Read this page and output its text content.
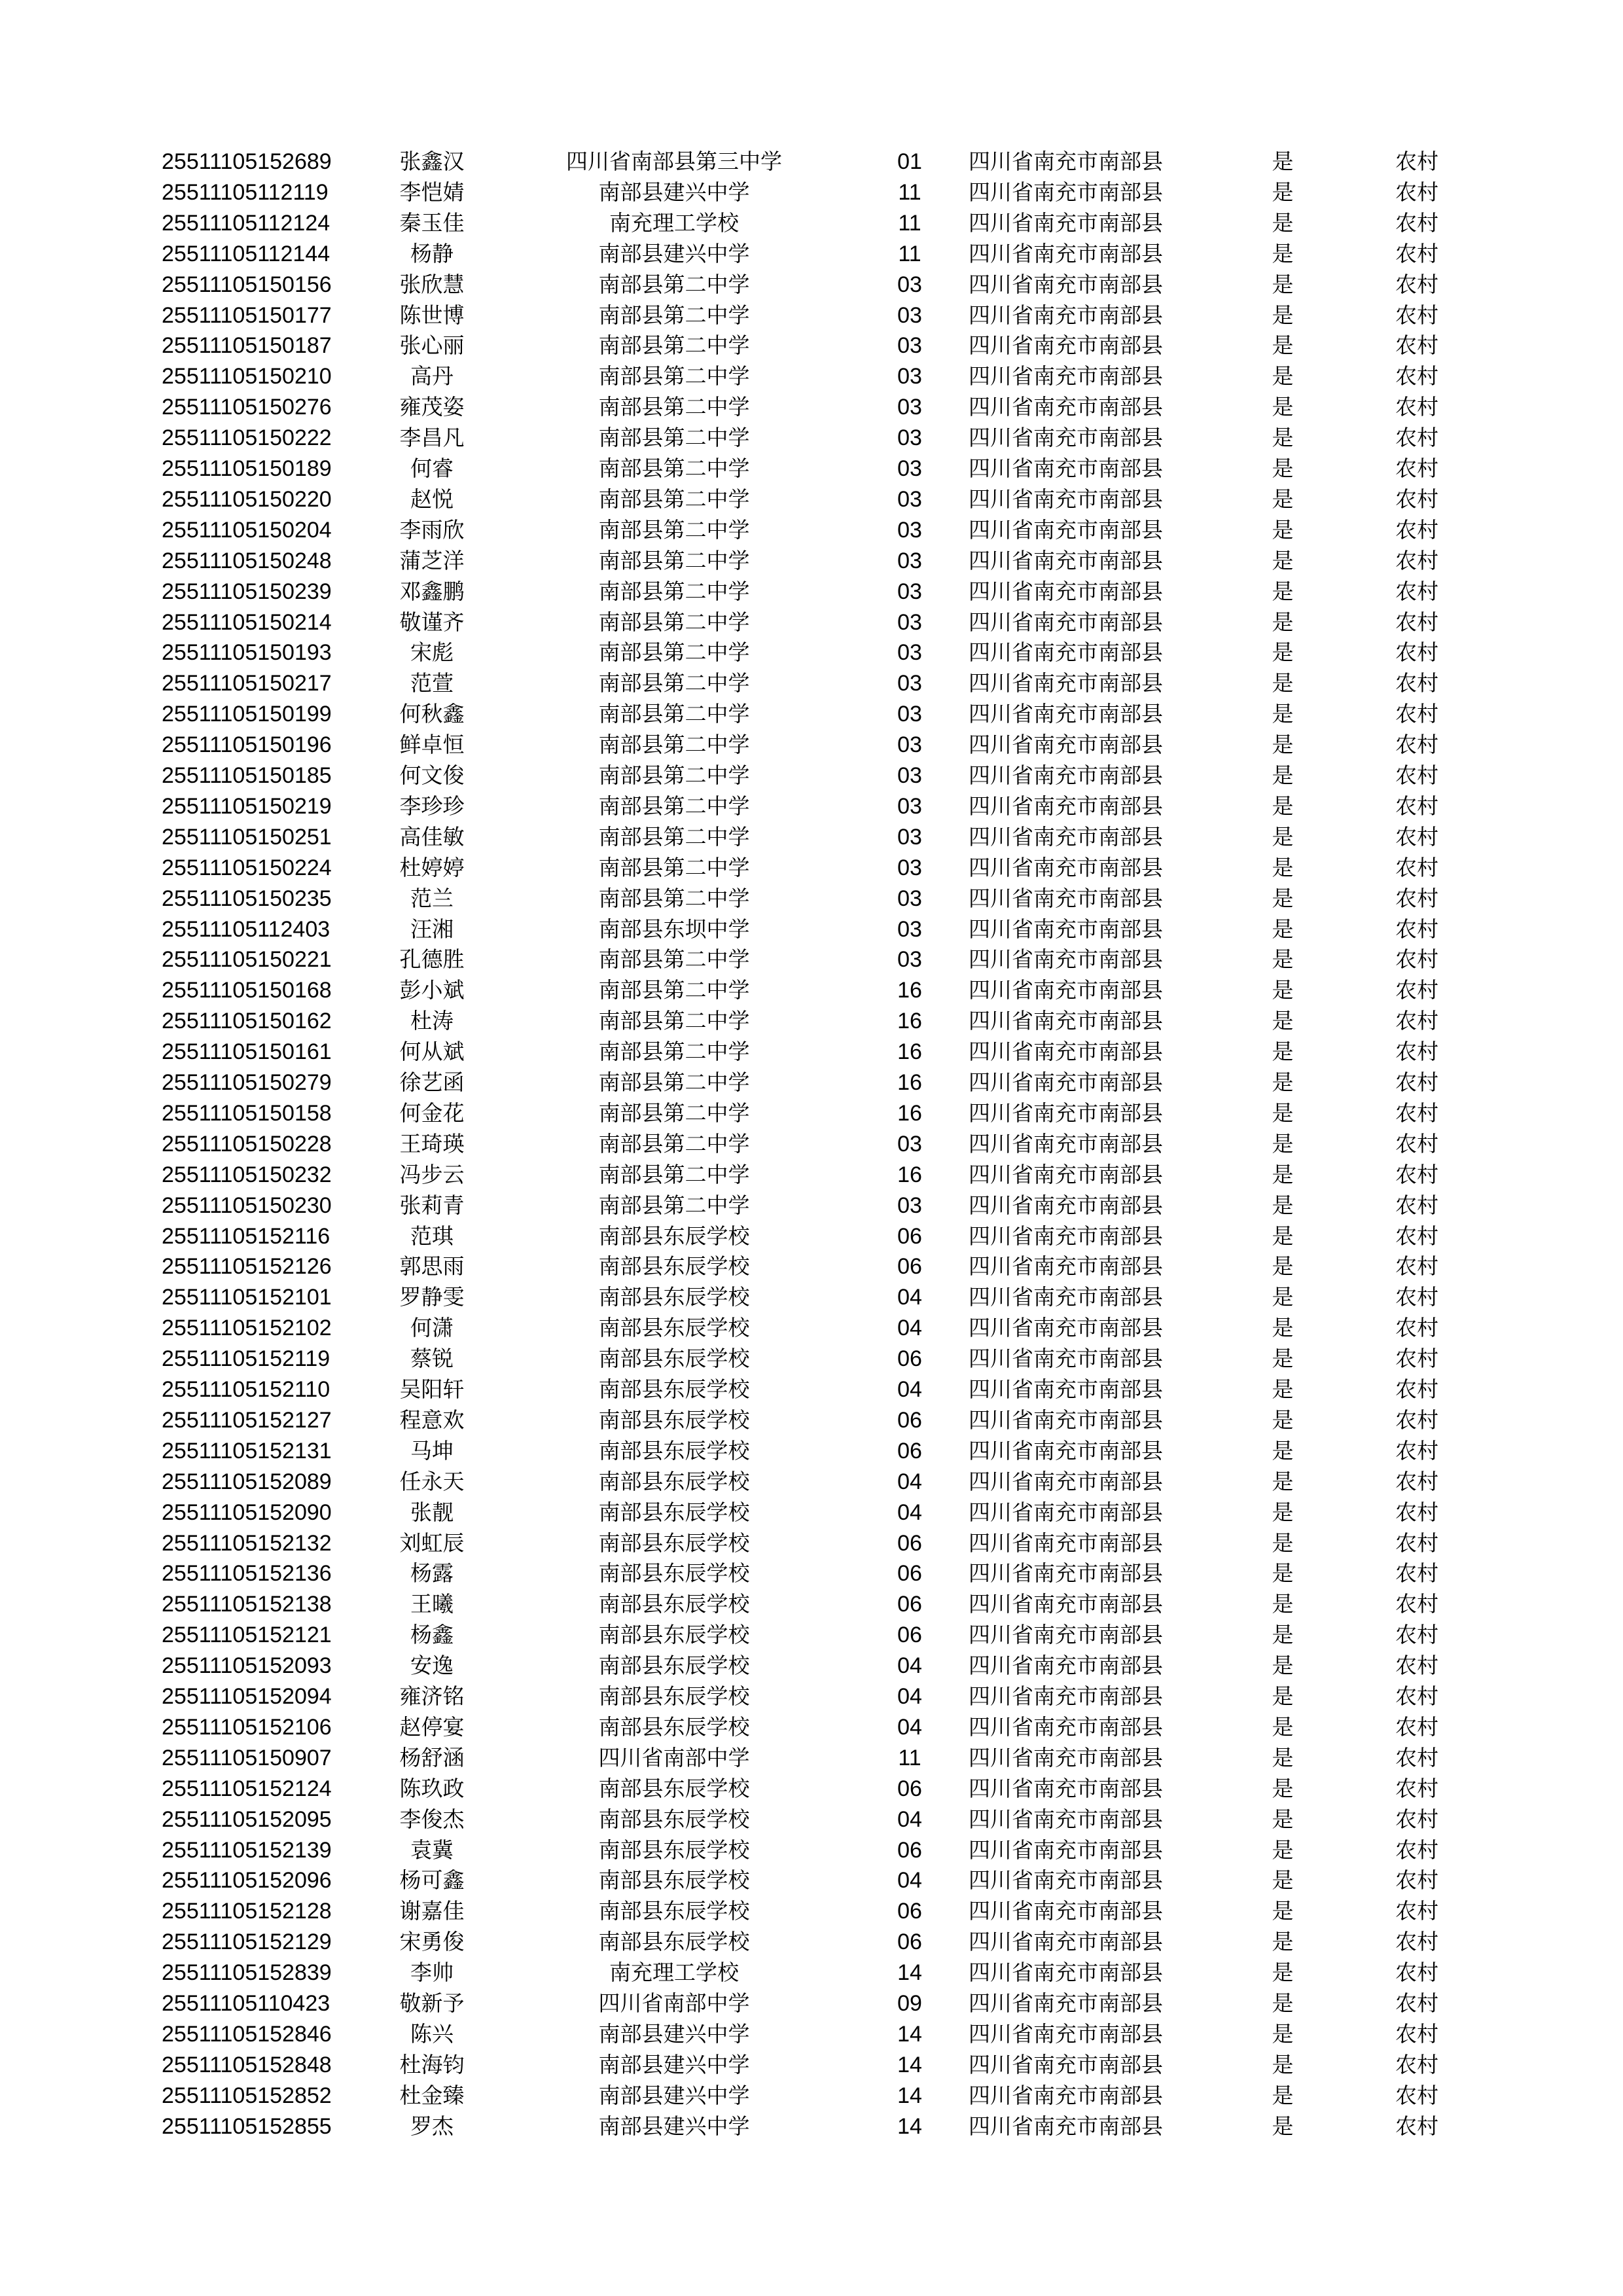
25511105152689	张鑫汉	四川省南部县第三中学	01	四川省南充市南部县	是	农村
25511105112119	李恺婧	南部县建兴中学	11	四川省南充市南部县	是	农村
25511105112124	秦玉佳	南充理工学校	11	四川省南充市南部县	是	农村
25511105112144	杨静	南部县建兴中学	11	四川省南充市南部县	是	农村
25511105150156	张欣慧	南部县第二中学	03	四川省南充市南部县	是	农村
25511105150177	陈世博	南部县第二中学	03	四川省南充市南部县	是	农村
25511105150187	张心丽	南部县第二中学	03	四川省南充市南部县	是	农村
25511105150210	高丹	南部县第二中学	03	四川省南充市南部县	是	农村
25511105150276	雍茂姿	南部县第二中学	03	四川省南充市南部县	是	农村
25511105150222	李昌凡	南部县第二中学	03	四川省南充市南部县	是	农村
25511105150189	何睿	南部县第二中学	03	四川省南充市南部县	是	农村
25511105150220	赵悦	南部县第二中学	03	四川省南充市南部县	是	农村
25511105150204	李雨欣	南部县第二中学	03	四川省南充市南部县	是	农村
25511105150248	蒲芝洋	南部县第二中学	03	四川省南充市南部县	是	农村
25511105150239	邓鑫鹏	南部县第二中学	03	四川省南充市南部县	是	农村
25511105150214	敬谨齐	南部县第二中学	03	四川省南充市南部县	是	农村
25511105150193	宋彪	南部县第二中学	03	四川省南充市南部县	是	农村
25511105150217	范萱	南部县第二中学	03	四川省南充市南部县	是	农村
25511105150199	何秋鑫	南部县第二中学	03	四川省南充市南部县	是	农村
25511105150196	鲜卓恒	南部县第二中学	03	四川省南充市南部县	是	农村
25511105150185	何文俊	南部县第二中学	03	四川省南充市南部县	是	农村
25511105150219	李珍珍	南部县第二中学	03	四川省南充市南部县	是	农村
25511105150251	高佳敏	南部县第二中学	03	四川省南充市南部县	是	农村
25511105150224	杜婷婷	南部县第二中学	03	四川省南充市南部县	是	农村
25511105150235	范兰	南部县第二中学	03	四川省南充市南部县	是	农村
25511105112403	汪湘	南部县东坝中学	03	四川省南充市南部县	是	农村
25511105150221	孔德胜	南部县第二中学	03	四川省南充市南部县	是	农村
25511105150168	彭小斌	南部县第二中学	16	四川省南充市南部县	是	农村
25511105150162	杜涛	南部县第二中学	16	四川省南充市南部县	是	农村
25511105150161	何从斌	南部县第二中学	16	四川省南充市南部县	是	农村
25511105150279	徐艺函	南部县第二中学	16	四川省南充市南部县	是	农村
25511105150158	何金花	南部县第二中学	16	四川省南充市南部县	是	农村
25511105150228	王琦瑛	南部县第二中学	03	四川省南充市南部县	是	农村
25511105150232	冯步云	南部县第二中学	16	四川省南充市南部县	是	农村
25511105150230	张莉青	南部县第二中学	03	四川省南充市南部县	是	农村
25511105152116	范琪	南部县东辰学校	06	四川省南充市南部县	是	农村
25511105152126	郭思雨	南部县东辰学校	06	四川省南充市南部县	是	农村
25511105152101	罗静雯	南部县东辰学校	04	四川省南充市南部县	是	农村
25511105152102	何潇	南部县东辰学校	04	四川省南充市南部县	是	农村
25511105152119	蔡锐	南部县东辰学校	06	四川省南充市南部县	是	农村
25511105152110	吴阳轩	南部县东辰学校	04	四川省南充市南部县	是	农村
25511105152127	程意欢	南部县东辰学校	06	四川省南充市南部县	是	农村
25511105152131	马坤	南部县东辰学校	06	四川省南充市南部县	是	农村
25511105152089	任永天	南部县东辰学校	04	四川省南充市南部县	是	农村
25511105152090	张靓	南部县东辰学校	04	四川省南充市南部县	是	农村
25511105152132	刘虹辰	南部县东辰学校	06	四川省南充市南部县	是	农村
25511105152136	杨露	南部县东辰学校	06	四川省南充市南部县	是	农村
25511105152138	王曦	南部县东辰学校	06	四川省南充市南部县	是	农村
25511105152121	杨鑫	南部县东辰学校	06	四川省南充市南部县	是	农村
25511105152093	安逸	南部县东辰学校	04	四川省南充市南部县	是	农村
25511105152094	雍济铭	南部县东辰学校	04	四川省南充市南部县	是	农村
25511105152106	赵停宴	南部县东辰学校	04	四川省南充市南部县	是	农村
25511105150907	杨舒涵	四川省南部中学	11	四川省南充市南部县	是	农村
25511105152124	陈玖政	南部县东辰学校	06	四川省南充市南部县	是	农村
25511105152095	李俊杰	南部县东辰学校	04	四川省南充市南部县	是	农村
25511105152139	袁冀	南部县东辰学校	06	四川省南充市南部县	是	农村
25511105152096	杨可鑫	南部县东辰学校	04	四川省南充市南部县	是	农村
25511105152128	谢嘉佳	南部县东辰学校	06	四川省南充市南部县	是	农村
25511105152129	宋勇俊	南部县东辰学校	06	四川省南充市南部县	是	农村
25511105152839	李帅	南充理工学校	14	四川省南充市南部县	是	农村
25511105110423	敬新予	四川省南部中学	09	四川省南充市南部县	是	农村
25511105152846	陈兴	南部县建兴中学	14	四川省南充市南部县	是	农村
25511105152848	杜海钧	南部县建兴中学	14	四川省南充市南部县	是	农村
25511105152852	杜金臻	南部县建兴中学	14	四川省南充市南部县	是	农村
25511105152855	罗杰	南部县建兴中学	14	四川省南充市南部县	是	农村
